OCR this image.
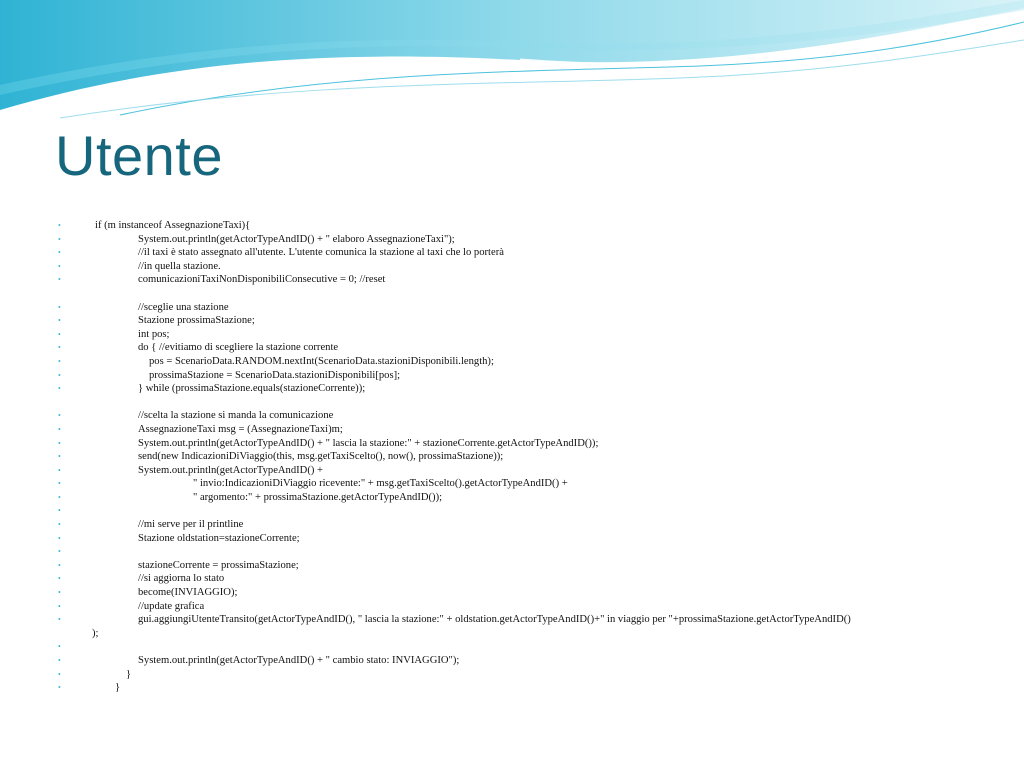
Utente
•	if (m instanceof AssegnazioneTaxi){
•	System.out.println(getActorTypeAndID() + " elaboro AssegnazioneTaxi");
•	//il taxi è stato assegnato all'utente. L'utente comunica la stazione al taxi che lo porterà
•	//in quella stazione.
•	comunicazioniTaxiNonDisponibiliConsecutive = 0; //reset
•	//sceglie una stazione
•	Stazione prossimaStazione;
•	int pos;
•	do { //evitiamo di scegliere la stazione corrente
•	pos = ScenarioData.RANDOM.nextInt(ScenarioData.stazioniDisponibili.length);
•	prossimaStazione = ScenarioData.stazioniDisponibili[pos];
•	} while (prossimaStazione.equals(stazioneCorrente));
•	//scelta la stazione si manda la comunicazione
•	AssegnazioneTaxi msg = (AssegnazioneTaxi)m;
•	System.out.println(getActorTypeAndID() + " lascia la stazione:" + stazioneCorrente.getActorTypeAndID());
•	send(new IndicazioniDiViaggio(this, msg.getTaxiScelto(), now(), prossimaStazione));
•	System.out.println(getActorTypeAndID() +
•	" invio:IndicazioniDiViaggio ricevente:" + msg.getTaxiScelto().getActorTypeAndID() +
•	" argomento:" + prossimaStazione.getActorTypeAndID());
•
•	//mi serve per il printline
•	Stazione oldstation=stazioneCorrente;
•
•	stazioneCorrente = prossimaStazione;
•	//si aggiorna lo stato
•	become(INVIAGGIO);
•	//update grafica
•	gui.aggiungiUtenteTransito(getActorTypeAndID(), " lascia la stazione:" + oldstation.getActorTypeAndID()+" in viaggio per "+prossimaStazione.getActorTypeAndID()
);
•
•	System.out.println(getActorTypeAndID() + " cambio stato: INVIAGGIO");
•	}
•	}
